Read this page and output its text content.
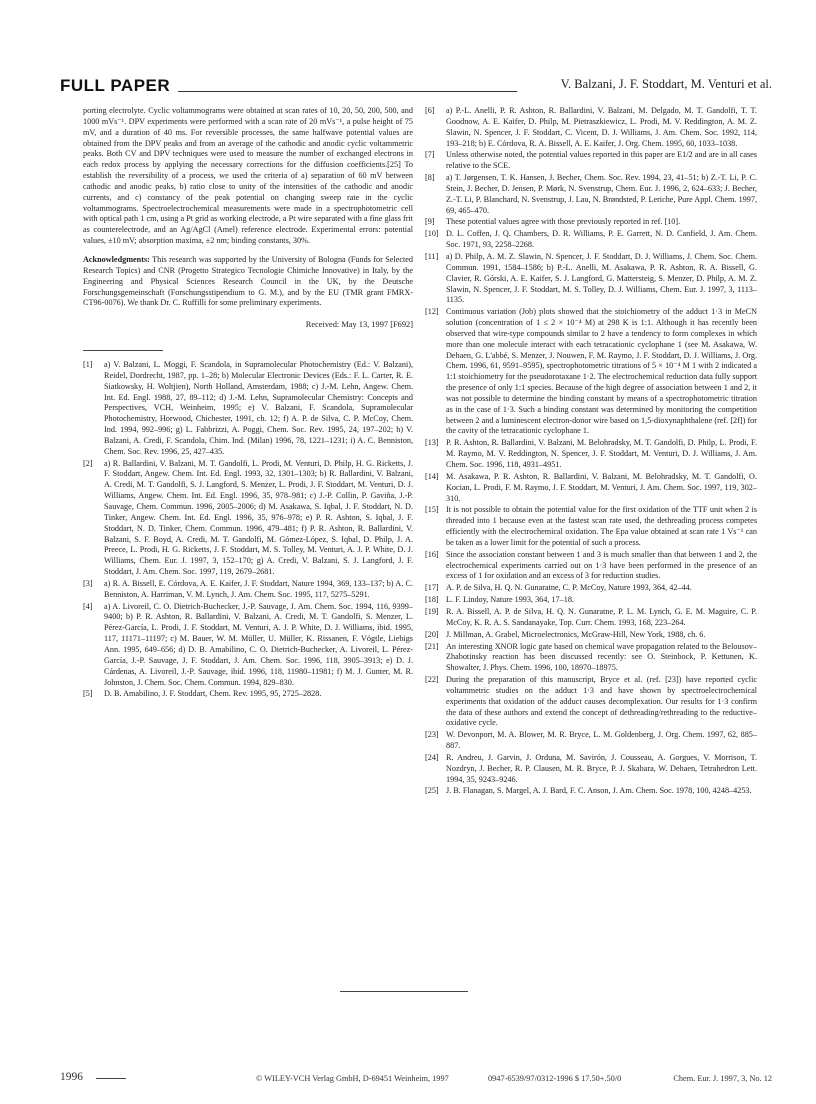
FULL PAPER	V. Balzani, J. F. Stoddart, M. Venturi et al.

porting electrolyte. Cyclic voltammograms were obtained at scan rates of 10, 20, 50, 200, 500, and 1000 mVs⁻¹. DPV experiments were performed with a scan rate of 20 mVs⁻¹, a pulse height of 75 mV, and a duration of 40 ms. For reversible processes, the same halfwave potential values are obtained from the DPV peaks and from an average of the cathodic and anodic cyclic voltammetric peaks. Both CV and DPV techniques were used to measure the number of exchanged electrons in each redox process by applying the necessary corrections for the diffusion coefficients.[25] To establish the reversibility of a process, we used the criteria of a) separation of 60 mV between cathodic and anodic peaks, b) ratio close to unity of the intensities of the cathodic and anodic currents, and c) constancy of the peak potential on changing sweep rate in the cyclic voltammograms. Spectroelectrochemical measurements were made in a spectrophotometric cell with optical path 1 cm, using a Pt grid as working electrode, a Pt wire separated with a fine glass frit as counterelectrode, and an Ag/AgCl (Amel) reference electrode. Experimental errors: potential values, ±10 mV; absorption maxima, ±2 nm; binding constants, 30%.

Acknowledgments: This research was supported by the University of Bologna (Funds for Selected Research Topics) and CNR (Progetto Strategico Tecnologie Chimiche Innovative) in Italy, by the Engineering and Physical Sciences Research Council in the UK, by the Deutsche Forschungsgemeinschaft (Forschungsstipendium to G. M.), and by the EU (TMR grant FMRX-CT96-0076). We thank Dr. C. Ruffilli for some preliminary experiments.

Received: May 13, 1997 [F692]

[1] a) V. Balzani, L. Moggi, F. Scandola, in Supramolecular Photochemistry (Ed.: V. Balzani), Reidel, Dordrecht, 1987, pp. 1–28; b) Molecular Electronic Devices (Eds.: F. L. Carter, R. E. Siatkowsky, H. Woltjien), North Holland, Amsterdam, 1988; c) J.-M. Lehn, Angew. Chem. Int. Ed. Engl. 1988, 27, 89–112; d) J.-M. Lehn, Supramolecular Chemistry: Concepts and Perspectives, VCH, Weinheim, 1995; e) V. Balzani, F. Scandola, Supramolecular Photochemistry, Horwood, Chichester, 1991, ch. 12; f) A. P. de Silva, C. P. McCoy, Chem. Ind. 1994, 992–996; g) L. Fabbrizzi, A. Poggi, Chem. Soc. Rev. 1995, 24, 197–202; h) V. Balzani, A. Credi, F. Scandola, Chim. Ind. (Milan) 1996, 78, 1221–1231; i) A. C. Benniston, Chem. Soc. Rev. 1996, 25, 427–435.
[2] a) R. Ballardini, V. Balzani, M. T. Gandolfi, L. Prodi, M. Venturi, D. Philp, H. G. Ricketts, J. F. Stoddart, Angew. Chem. Int. Ed. Engl. 1993, 32, 1301–1303; b) R. Ballardini, V. Balzani, A. Credi, M. T. Gandolfi, S. J. Langford, S. Menzer, L. Prodi, J. F. Stoddart, M. Venturi, D. J. Williams, Angew. Chem. Int. Ed. Engl. 1996, 35, 978–981; c) J.-P. Collin, P. Gaviña, J.-P. Sauvage, Chem. Commun. 1996, 2005–2006; d) M. Asakawa, S. Iqbal, J. F. Stoddart, N. D. Tinker, Angew. Chem. Int. Ed. Engl. 1996, 35, 976–978; e) P. R. Ashton, S. Iqbal, J. F. Stoddart, N. D. Tinker, Chem. Commun. 1996, 479–481; f) P. R. Ashton, R. Ballardini, V. Balzani, S. F. Boyd, A. Credi, M. T. Gandolfi, M. Gómez-López, S. Iqbal, D. Philp, J. A. Preece, L. Prodi, H. G. Ricketts, J. F. Stoddart, M. S. Tolley, M. Venturi, A. J. P. White, D. J. Williams, Chem. Eur. J. 1997, 3, 152–170; g) A. Credi, V. Balzani, S. J. Langford, J. F. Stoddart, J. Am. Chem. Soc. 1997, 119, 2679–2681.
[3] a) R. A. Bissell, E. Córdova, A. E. Kaifer, J. F. Stoddart, Nature 1994, 369, 133–137; b) A. C. Benniston, A. Harriman, V. M. Lynch, J. Am. Chem. Soc. 1995, 117, 5275–5291.
[4] a) A. Livoreil, C. O. Dietrich-Buchecker, J.-P. Sauvage, J. Am. Chem. Soc. 1994, 116, 9399–9400; b) P. R. Ashton, R. Ballardini, V. Balzani, A. Credi, M. T. Gandolfi, S. Menzer, L. Pérez-García, L. Prodi, J. F. Stoddart, M. Venturi, A. J. P. White, D. J. Williams, ibid. 1995, 117, 11171–11197; c) M. Bauer, W. M. Müller, U. Müller, K. Rissanen, F. Vögtle, Liebigs Ann. 1995, 649–656; d) D. B. Amabilino, C. O. Dietrich-Buchecker, A. Livoreil, L. Pérez-García, J.-P. Sauvage, J. F. Stoddart, J. Am. Chem. Soc. 1996, 118, 3905–3913; e) D. J. Cárdenas, A. Livoreil, J.-P. Sauvage, ibid. 1996, 118, 11980–11981; f) M. J. Gunter, M. R. Johnston, J. Chem. Soc. Chem. Commun. 1994, 829–830.
[5] D. B. Amabilino, J. F. Stoddart, Chem. Rev. 1995, 95, 2725–2828.
[6] a) P.-L. Anelli, P. R. Ashton, R. Ballardini, V. Balzani, M. Delgado, M. T. Gandolfi, T. T. Goodnow, A. E. Kaifer, D. Philp, M. Pietraszkiewicz, L. Prodi, M. V. Reddington, A. M. Z. Slawin, N. Spencer, J. F. Stoddart, C. Vicent, D. J. Williams, J. Am. Chem. Soc. 1992, 114, 193–218; b) E. Córdova, R. A. Bissell, A. E. Kaifer, J. Org. Chem. 1995, 60, 1033–1038.
[7] Unless otherwise noted, the potential values reported in this paper are E1/2 and are in all cases relative to the SCE.
[8] a) T. Jørgensen, T. K. Hansen, J. Becher, Chem. Soc. Rev. 1994, 23, 41–51; b) Z.-T. Li, P. C. Stein, J. Becher, D. Jensen, P. Mørk, N. Svenstrup, Chem. Eur. J. 1996, 2, 624–633; J. Becher, Z.-T. Li, P. Blanchard, N. Svenstrup, J. Lau, N. Brøndsted, P. Leriche, Pure Appl. Chem. 1997, 69, 465–470.
[9] These potential values agree with those previously reported in ref. [10].
[10] D. L. Coffen, J. Q. Chambers, D. R. Williams, P. E. Garrett, N. D. Canfield, J. Am. Chem. Soc. 1971, 93, 2258–2268.
[11] a) D. Philp, A. M. Z. Slawin, N. Spencer, J. F. Stoddart, D. J. Williams, J. Chem. Soc. Chem. Commun. 1991, 1584–1586; b) P.-L. Anelli, M. Asakawa, P. R. Ashton, R. A. Bissell, G. Clavier, R. Górski, A. E. Kaifer, S. J. Langford, G. Mattersteig, S. Menzer, D. Philp, A. M. Z. Slawin, N. Spencer, J. F. Stoddart, M. S. Tolley, D. J. Williams, Chem. Eur. J. 1997, 3, 1113–1135.
[12] Continuous variation (Job) plots showed that the stoichiometry of the adduct 1·3 in MeCN solution (concentration of 1 ≤ 2 × 10⁻⁴ M) at 298 K is 1:1. Although it has recently been observed that wire-type compounds similar to 2 have a tendency to form complexes in which more than one molecule interact with each tetracationic cyclophane 1 (see M. Asakawa, W. Dehaen, G. L'abbé, S. Menzer, J. Nouwen, F. M. Raymo, J. F. Stoddart, D. J. Williams, J. Org. Chem. 1996, 61, 9591–9595), spectrophotometric titrations of 5 × 10⁻⁴ M 1 with 2 indicated a 1:1 stoichiometry for the pseudorotaxane 1·2. The electrochemical reduction data fully support the presence of only 1:1 species. Because of the high degree of association between 1 and 2, it was not possible to determine the binding constant by means of a spectrophotometric titration as in the case of 1·3. Such a binding constant was determined by monitoring the competition between 2 and a luminescent electron-donor wire based on 1,5-dioxynaphthalene (ref. [2f]) for the cavity of the tetracationic cyclophane 1.
[13] P. R. Ashton, R. Ballardini, V. Balzani, M. Belohradsky, M. T. Gandolfi, D. Philp, L. Prodi, F. M. Raymo, M. V. Reddington, N. Spencer, J. F. Stoddart, M. Venturi, D. J. Williams, J. Am. Chem. Soc. 1996, 118, 4931–4951.
[14] M. Asakawa, P. R. Ashton, R. Ballardini, V. Balzani, M. Belohradsky, M. T. Gandolfi, O. Kocian, L. Prodi, F. M. Raymo, J. F. Stoddart, M. Venturi, J. Am. Chem. Soc. 1997, 119, 302–310.
[15] It is not possible to obtain the potential value for the first oxidation of the TTF unit when 2 is threaded into 1 because even at the fastest scan rate used, the dethreading process competes efficiently with the electrochemical oxidation. The Epa value obtained at scan rate 1 Vs⁻¹ can be taken as a lower limit for the potential of such a process.
[16] Since the association constant between 1 and 3 is much smaller than that between 1 and 2, the electrochemical experiments carried out on 1·3 have been performed in the presence of an excess of 1 for oxidation and an excess of 3 for reduction studies.
[17] A. P. de Silva, H. Q. N. Gunaratne, C. P. McCoy, Nature 1993, 364, 42–44.
[18] L. F. Lindoy, Nature 1993, 364, 17–18.
[19] R. A. Bissell, A. P. de Silva, H. Q. N. Gunaratne, P. L. M. Lynch, G. E. M. Maguire, C. P. McCoy, K. R. A. S. Sandanayake, Top. Curr. Chem. 1993, 168, 223–264.
[20] J. Millman, A. Grabel, Microelectronics, McGraw-Hill, New York, 1988, ch. 6.
[21] An interesting XNOR logic gate based on chemical wave propagation related to the Belousov–Zhabotinsky reaction has been discussed recently: see O. Steinbock, P. Kettunen, K. Showalter, J. Phys. Chem. 1996, 100, 18970–18975.
[22] During the preparation of this manuscript, Bryce et al. (ref. [23]) have reported cyclic voltammetric studies on the adduct 1·3 and have shown by spectroelectrochemical experiments that oxidation of the adduct causes decomplexation. Our results for 1·3 confirm the data of these authors and extend the concept of dethreading/rethreading to the reductive–oxidative cycle.
[23] W. Devonport, M. A. Blower, M. R. Bryce, L. M. Goldenberg, J. Org. Chem. 1997, 62, 885–887.
[24] R. Andreu, J. Garvin, J. Orduna, M. Savirón, J. Cousseau, A. Gorgues, V. Morrison, T. Nozdryn, J. Becher, R. P. Clausen, M. R. Bryce, P. J. Skabara, W. Dehaen, Tetrahedron Lett. 1994, 35, 9243–9246.
[25] J. B. Flanagan, S. Margel, A. J. Bard, F. C. Anson, J. Am. Chem. Soc. 1978, 100, 4248–4253.
1996	© WILEY-VCH Verlag GmbH, D-69451 Weinheim, 1997	0947-6539/97/0312-1996 $ 17.50+.50/0	Chem. Eur. J. 1997, 3, No. 12
